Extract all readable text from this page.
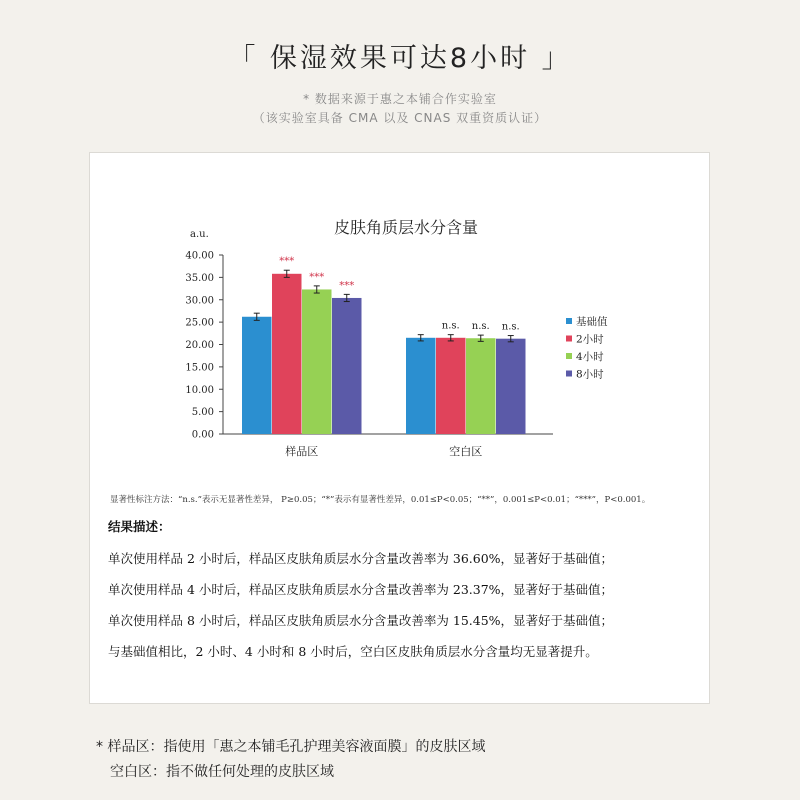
「 保湿效果可达8小时 」
* 数据来源于惠之本铺合作实验室
（该实验室具备 CMA 以及 CNAS 双重资质认证）
皮肤角质层水分含量
a.u.
0.00
5.00
10.00
15.00
20.00
25.00
30.00
35.00
40.00
***
***
***
样品区
n.s. n.s. n.s.
空白区
基础值
2小时
4小时
8小时
显著性标注方法：“n.s.”表示无显著性差异， P≥0.05；“*”表示有显著性差异，0.01≤P<0.05；“**”，0.001≤P<0.01；“***”，P<0.001。
结果描述：
单次使用样品 2 小时后，样品区皮肤角质层水分含量改善率为 36.60%，显著好于基础值；
单次使用样品 4 小时后，样品区皮肤角质层水分含量改善率为 23.37%，显著好于基础值；
单次使用样品 8 小时后，样品区皮肤角质层水分含量改善率为 15.45%，显著好于基础值；
与基础值相比，2 小时、4 小时和 8 小时后，空白区皮肤角质层水分含量均无显著提升。
* 样品区：指使用「惠之本铺毛孔护理美容液面膜」的皮肤区域
空白区：指不做任何处理的皮肤区域
